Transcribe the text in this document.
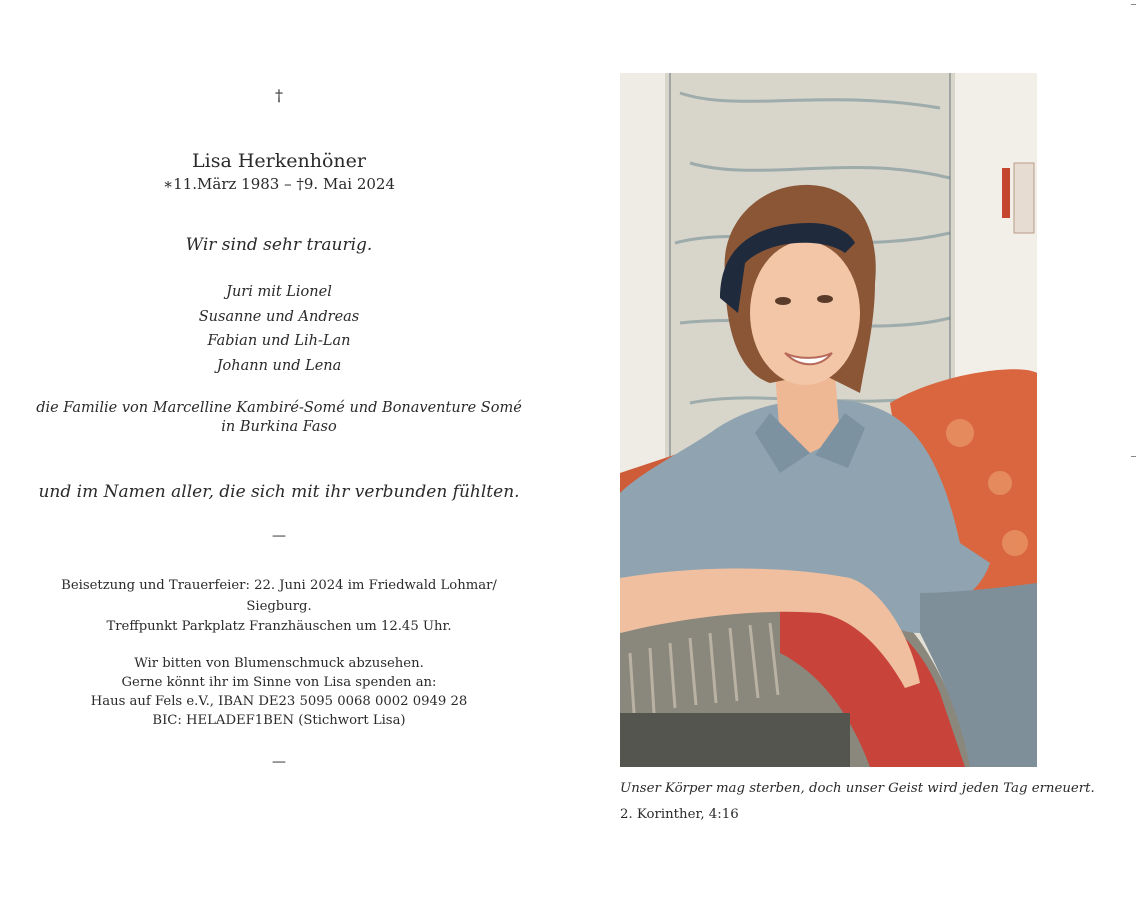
†
Lisa Herkenhöner
∗11.März 1983 – †9. Mai 2024
Wir sind sehr traurig.
Juri mit Lionel
Susanne und Andreas
Fabian und Lih-Lan
Johann und Lena
die Familie von Marcelline Kambiré-Somé und Bonaventure Somé
in Burkina Faso
und im Namen aller, die sich mit ihr verbunden fühlten.
—
Beisetzung und Trauerfeier: 22. Juni 2024 im Friedwald Lohmar/
Siegburg.
Treffpunkt Parkplatz Franzhäuschen um 12.45 Uhr.
Wir bitten von Blumenschmuck abzusehen.
Gerne könnt ihr im Sinne von Lisa spenden an:
Haus auf Fels e.V., IBAN DE23 5095 0068 0002 0949 28
BIC: HELADEF1BEN (Stichwort Lisa)
—
Unser Körper mag sterben, doch unser Geist wird jeden Tag erneuert.
2. Korinther, 4:16
